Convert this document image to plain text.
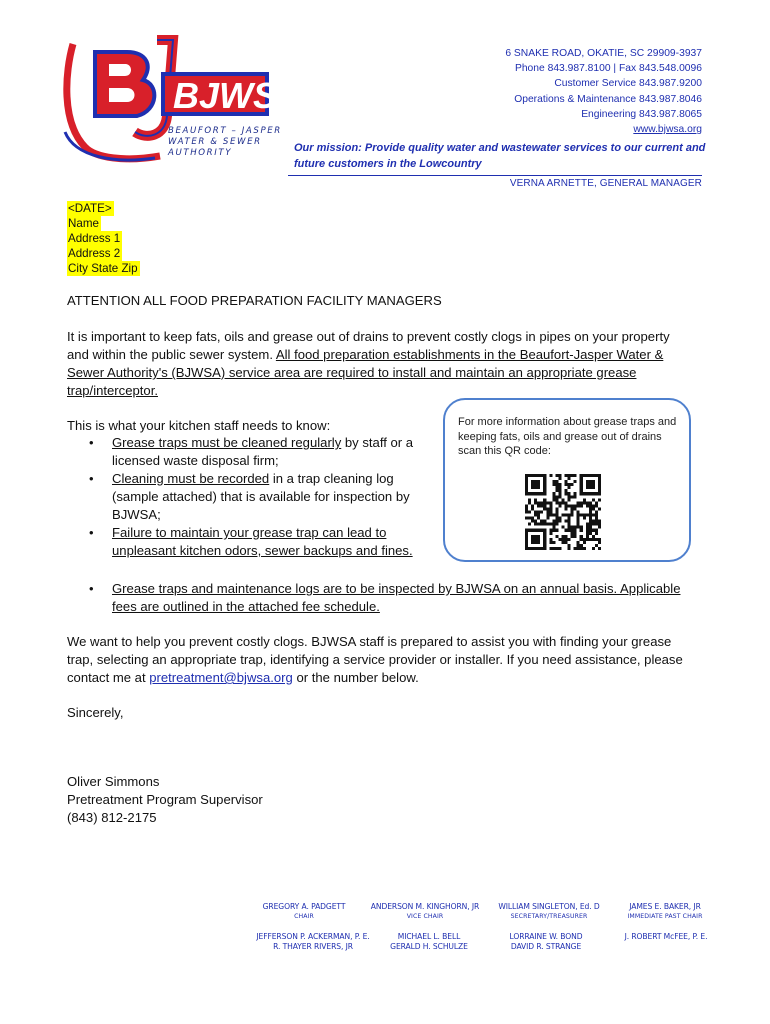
BJWSA
BEAUFORT – JASPER
WATER & SEWER
AUTHORITY
6 SNAKE ROAD, OKATIE, SC 29909-3937
Phone 843.987.8100 | Fax 843.548.0096
Customer Service 843.987.9200
Operations & Maintenance 843.987.8046
Engineering 843.987.8065
www.bjwsa.org
Our mission: Provide quality water and wastewater services to our current and future customers in the Lowcountry
VERNA ARNETTE, GENERAL MANAGER
<DATE>
Name
Address 1
Address 2
City State Zip
ATTENTION ALL FOOD PREPARATION FACILITY MANAGERS
It is important to keep fats, oils and grease out of drains to prevent costly clogs in pipes on your property and within the public sewer system. All food preparation establishments in the Beaufort-Jasper Water & Sewer Authority's (BJWSA) service area are required to install and maintain an appropriate grease trap/interceptor.
This is what your kitchen staff needs to know:
• Grease traps must be cleaned regularly by staff or a licensed waste disposal firm;
• Cleaning must be recorded in a trap cleaning log (sample attached) that is available for inspection by BJWSA;
• Failure to maintain your grease trap can lead to unpleasant kitchen odors, sewer backups and fines.
• Grease traps and maintenance logs are to be inspected by BJWSA on an annual basis. Applicable fees are outlined in the attached fee schedule.
For more information about grease traps and keeping fats, oils and grease out of drains scan this QR code:
We want to help you prevent costly clogs. BJWSA staff is prepared to assist you with finding your grease trap, selecting an appropriate trap, identifying a service provider or installer. If you need assistance, please contact me at pretreatment@bjwsa.org or the number below.
Sincerely,
Oliver Simmons
Pretreatment Program Supervisor
(843) 812-2175
GREGORY A. PADGETT
CHAIR
ANDERSON M. KINGHORN, JR
VICE CHAIR
WILLIAM SINGLETON, Ed. D
SECRETARY/TREASURER
JAMES E. BAKER, JR
IMMEDIATE PAST CHAIR
JEFFERSON P. ACKERMAN, P. E.
R. THAYER RIVERS, JR
MICHAEL L. BELL
GERALD H. SCHULZE
LORRAINE W. BOND
DAVID R. STRANGE
J. ROBERT McFEE, P. E.
